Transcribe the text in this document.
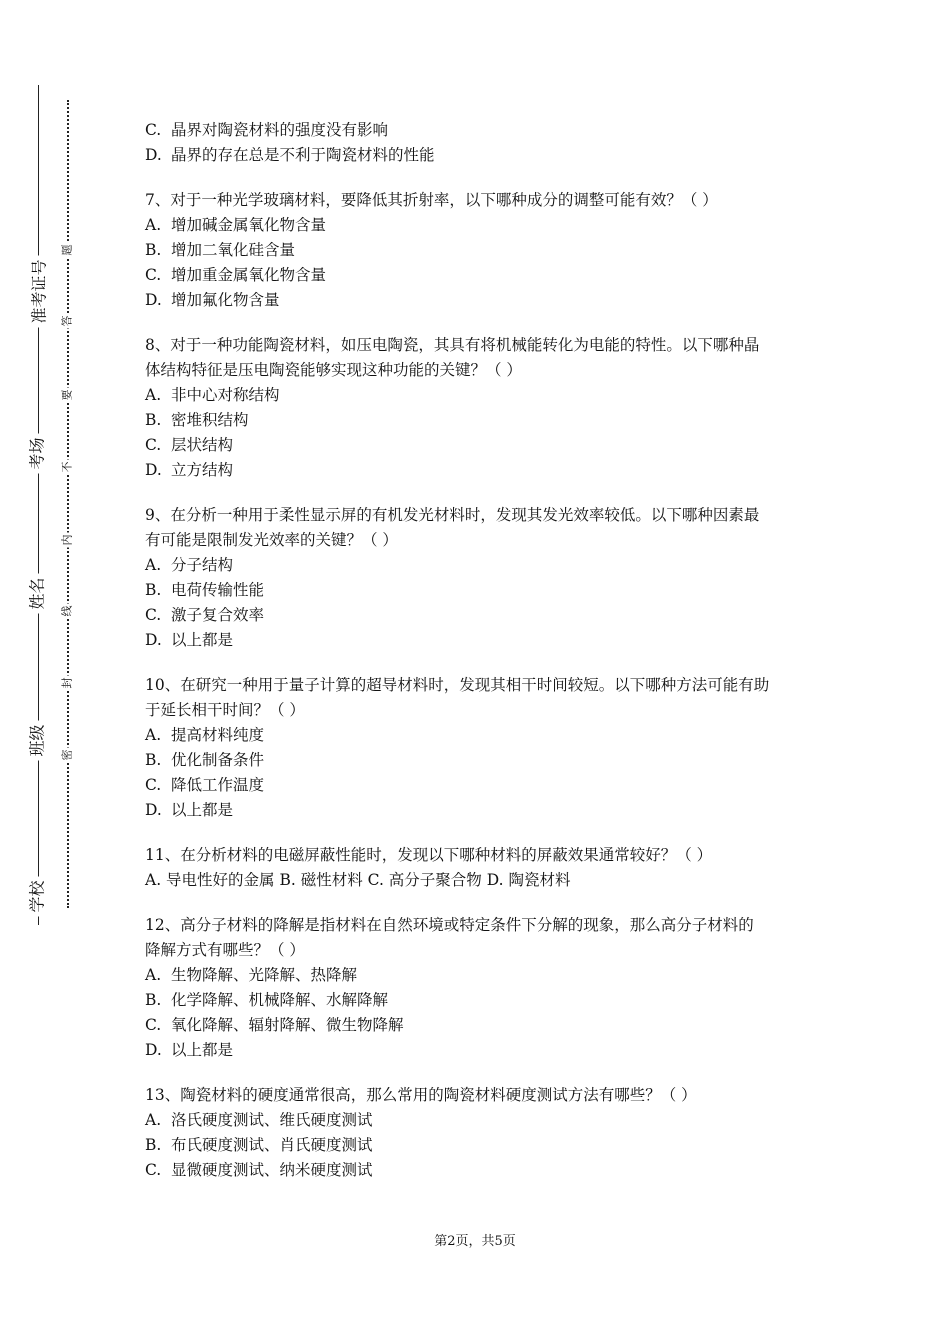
准考证号
考场
姓名
班级
学校
题
答
要
不
内
线
封
密
C. 晶界对陶瓷材料的强度没有影响
D. 晶界的存在总是不利于陶瓷材料的性能
7、对于一种光学玻璃材料，要降低其折射率，以下哪种成分的调整可能有效？（ ）
A. 增加碱金属氧化物含量
B. 增加二氧化硅含量
C. 增加重金属氧化物含量
D. 增加氟化物含量
8、对于一种功能陶瓷材料，如压电陶瓷，其具有将机械能转化为电能的特性。以下哪种晶
体结构特征是压电陶瓷能够实现这种功能的关键？（ ）
A. 非中心对称结构
B. 密堆积结构
C. 层状结构
D. 立方结构
9、在分析一种用于柔性显示屏的有机发光材料时，发现其发光效率较低。以下哪种因素最
有可能是限制发光效率的关键？（ ）
A. 分子结构
B. 电荷传输性能
C. 激子复合效率
D. 以上都是
10、在研究一种用于量子计算的超导材料时，发现其相干时间较短。以下哪种方法可能有助
于延长相干时间？（ ）
A. 提高材料纯度
B. 优化制备条件
C. 降低工作温度
D. 以上都是
11、在分析材料的电磁屏蔽性能时，发现以下哪种材料的屏蔽效果通常较好？（ ）
A. 导电性好的金属 B. 磁性材料 C. 高分子聚合物 D. 陶瓷材料
12、高分子材料的降解是指材料在自然环境或特定条件下分解的现象，那么高分子材料的
降解方式有哪些？（ ）
A. 生物降解、光降解、热降解
B. 化学降解、机械降解、水解降解
C. 氧化降解、辐射降解、微生物降解
D. 以上都是
13、陶瓷材料的硬度通常很高，那么常用的陶瓷材料硬度测试方法有哪些？（ ）
A. 洛氏硬度测试、维氏硬度测试
B. 布氏硬度测试、肖氏硬度测试
C. 显微硬度测试、纳米硬度测试
第2页，共5页
